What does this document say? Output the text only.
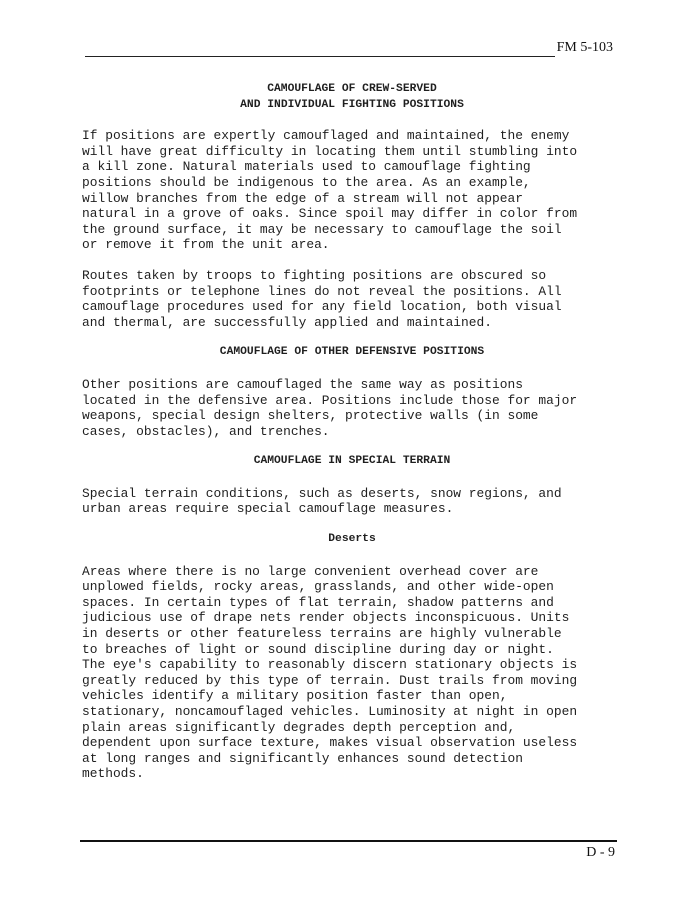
FM 5-103
CAMOUFLAGE OF CREW-SERVED
AND INDIVIDUAL FIGHTING POSITIONS

If positions are expertly camouflaged and maintained, the enemy
will have great difficulty in locating them until stumbling into
a kill zone. Natural materials used to camouflage fighting
positions should be indigenous to the area. As an example,
willow branches from the edge of a stream will not appear
natural in a grove of oaks. Since spoil may differ in color from
the ground surface, it may be necessary to camouflage the soil
or remove it from the unit area.

Routes taken by troops to fighting positions are obscured so
footprints or telephone lines do not reveal the positions. All
camouflage procedures used for any field location, both visual
and thermal, are successfully applied and maintained.

CAMOUFLAGE OF OTHER DEFENSIVE POSITIONS

Other positions are camouflaged the same way as positions
located in the defensive area. Positions include those for major
weapons, special design shelters, protective walls (in some
cases, obstacles), and trenches.

CAMOUFLAGE IN SPECIAL TERRAIN

Special terrain conditions, such as deserts, snow regions, and
urban areas require special camouflage measures.

Deserts

Areas where there is no large convenient overhead cover are
unplowed fields, rocky areas, grasslands, and other wide-open
spaces. In certain types of flat terrain, shadow patterns and
judicious use of drape nets render objects inconspicuous. Units
in deserts or other featureless terrains are highly vulnerable
to breaches of light or sound discipline during day or night.
The eye's capability to reasonably discern stationary objects is
greatly reduced by this type of terrain. Dust trails from moving
vehicles identify a military position faster than open,
stationary, noncamouflaged vehicles. Luminosity at night in open
plain areas significantly degrades depth perception and,
dependent upon surface texture, makes visual observation useless
at long ranges and significantly enhances sound detection
methods.

D - 9
